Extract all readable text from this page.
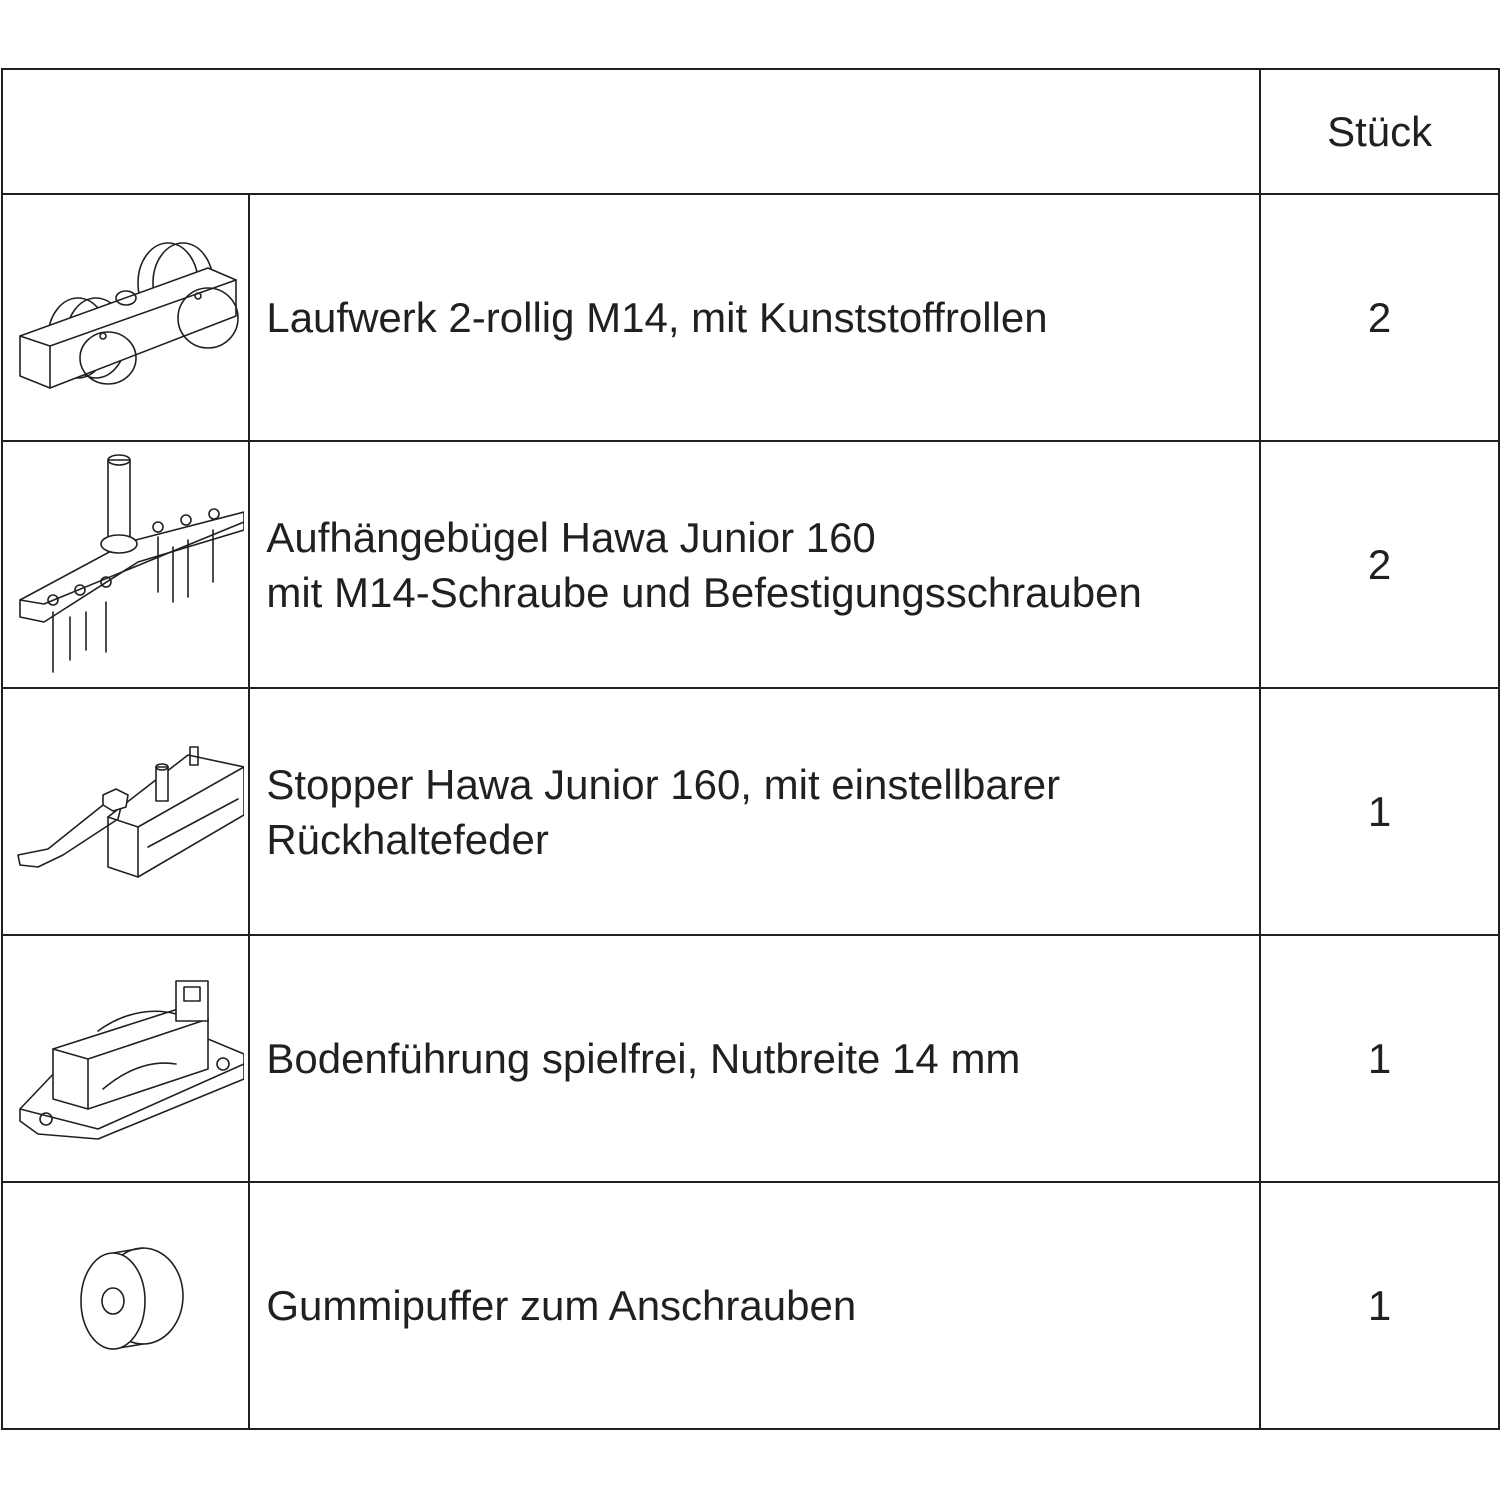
		Stück

Laufwerk 2-rollig M14, mit Kunststoffrollen	2

Aufhängebügel Hawa Junior 160
mit M14-Schraube und Befestigungsschrauben	2

Stopper Hawa Junior 160, mit einstellbarer
Rückhaltefeder	1

Bodenführung spielfrei, Nutbreite 14 mm	1

Gummipuffer zum Anschrauben	1
